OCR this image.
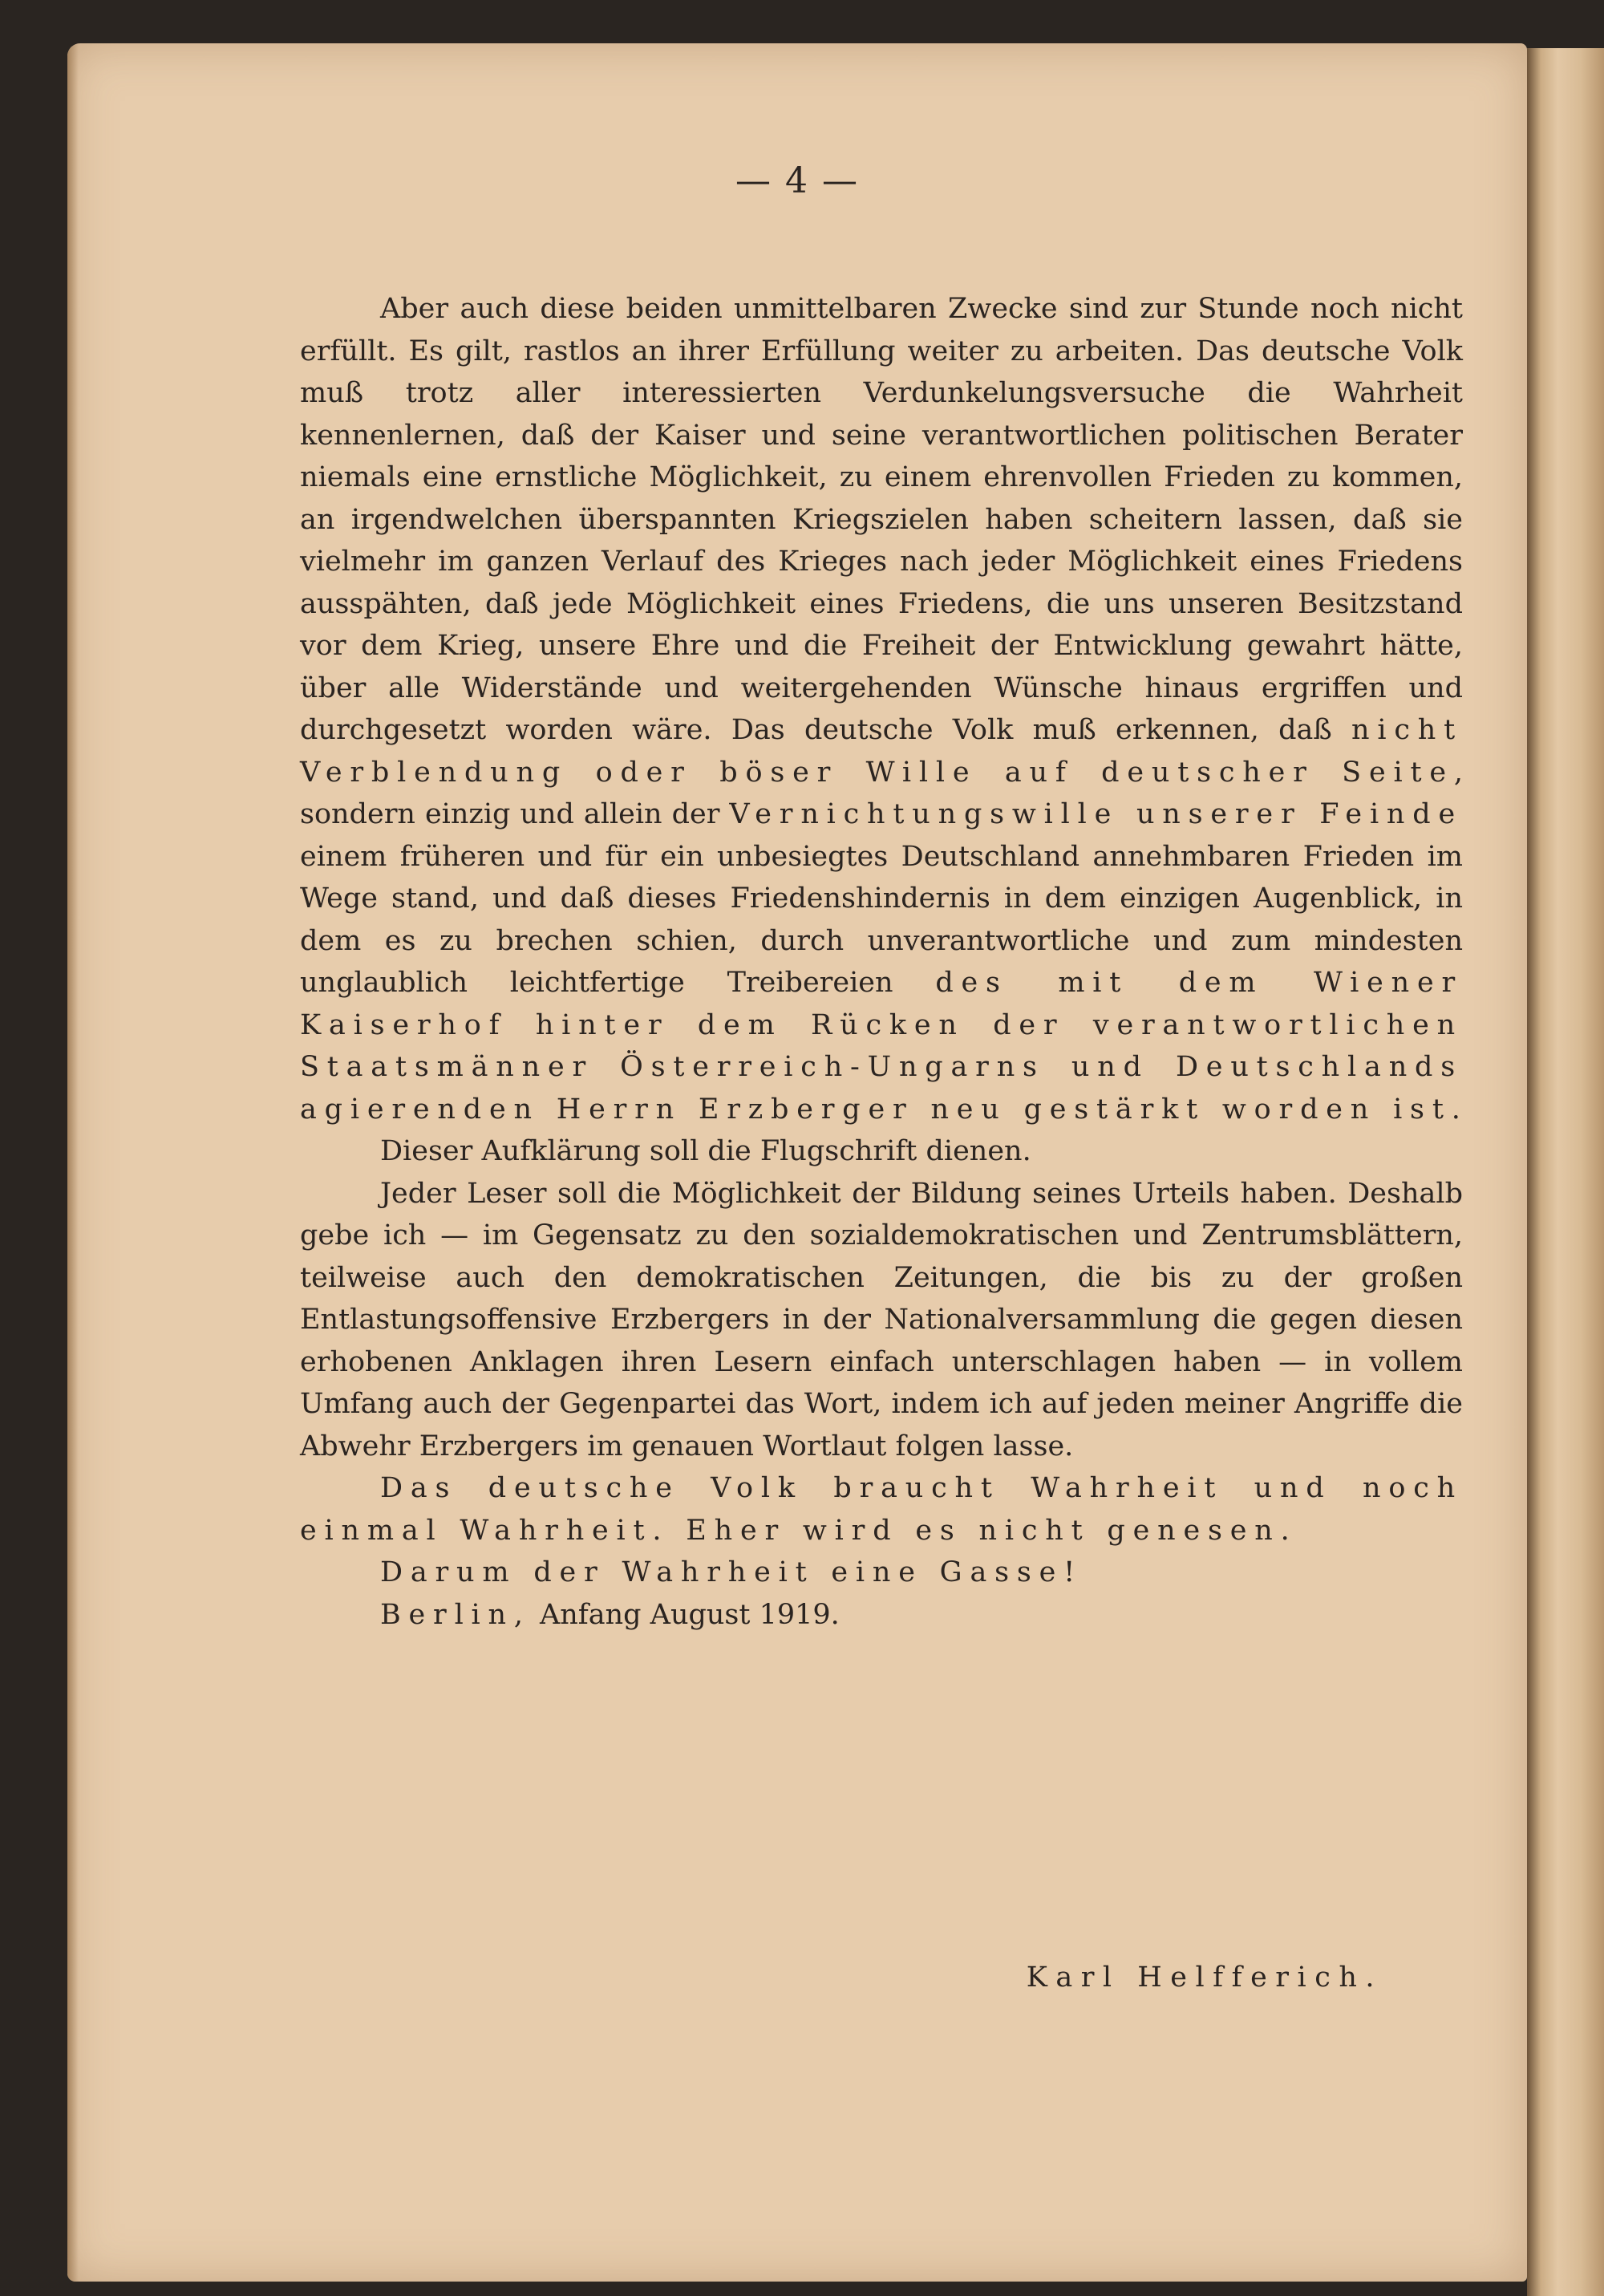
— 4 —

Aber auch diese beiden unmittelbaren Zwecke sind zur Stunde noch nicht erfüllt. Es gilt, rastlos an ihrer Erfüllung weiter zu arbeiten. Das deutsche Volk muß trotz aller interessierten Verdunkelungsversuche die Wahrheit kennenlernen, daß der Kaiser und seine verantwortlichen politischen Berater niemals eine ernstliche Möglichkeit, zu einem ehrenvollen Frieden zu kommen, an irgendwelchen überspannten Kriegszielen haben scheitern lassen, daß sie vielmehr im ganzen Verlauf des Krieges nach jeder Möglichkeit eines Friedens ausspähten, daß jede Möglichkeit eines Friedens, die uns unseren Besitzstand vor dem Krieg, unsere Ehre und die Freiheit der Entwicklung gewahrt hätte, über alle Widerstände und weitergehenden Wünsche hinaus ergriffen und durchgesetzt worden wäre. Das deutsche Volk muß erkennen, daß nicht Verblendung oder böser Wille auf deutscher Seite, sondern einzig und allein der Vernichtungswille unserer Feinde einem früheren und für ein unbesiegtes Deutschland annehmbaren Frieden im Wege stand, und daß dieses Friedenshindernis in dem einzigen Augenblick, in dem es zu brechen schien, durch unverantwortliche und zum mindesten unglaublich leichtfertige Treibereien des mit dem Wiener Kaiserhof hinter dem Rücken der verantwortlichen Staatsmänner Österreich-Ungarns und Deutschlands agierenden Herrn Erzberger neu gestärkt worden ist.

Dieser Aufklärung soll die Flugschrift dienen.

Jeder Leser soll die Möglichkeit der Bildung seines Urteils haben. Deshalb gebe ich — im Gegensatz zu den sozialdemokratischen und Zentrumsblättern, teilweise auch den demokratischen Zeitungen, die bis zu der großen Entlastungsoffensive Erzbergers in der Nationalversammlung die gegen diesen erhobenen Anklagen ihren Lesern einfach unterschlagen haben — in vollem Umfang auch der Gegenpartei das Wort, indem ich auf jeden meiner Angriffe die Abwehr Erzbergers im genauen Wortlaut folgen lasse.

Das deutsche Volk braucht Wahrheit und noch einmal Wahrheit. Eher wird es nicht genesen.

Darum der Wahrheit eine Gasse!

Berlin, Anfang August 1919.

Karl Helfferich.
